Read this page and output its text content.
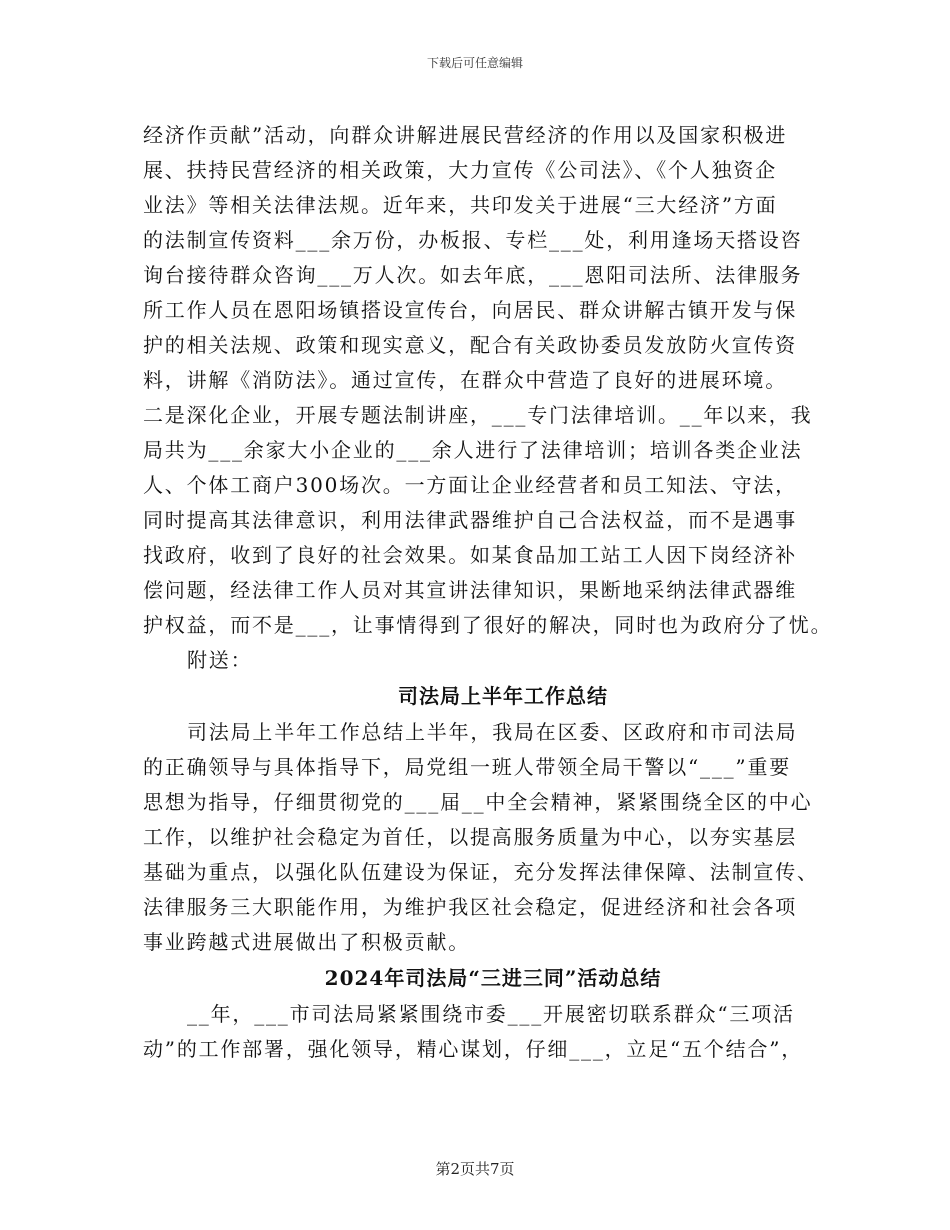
下载后可任意编辑
经济作贡献”活动，向群众讲解进展民营经济的作用以及国家积极进
展、扶持民营经济的相关政策，大力宣传《公司法》、《个人独资企
业法》等相关法律法规。近年来，共印发关于进展“三大经济”方面
的法制宣传资料___余万份，办板报、专栏___处，利用逢场天搭设咨
询台接待群众咨询___万人次。如去年底，___恩阳司法所、法律服务
所工作人员在恩阳场镇搭设宣传台，向居民、群众讲解古镇开发与保
护的相关法规、政策和现实意义，配合有关政协委员发放防火宣传资
料，讲解《消防法》。通过宣传，在群众中营造了良好的进展环境。
二是深化企业，开展专题法制讲座，___专门法律培训。__年以来，我
局共为___余家大小企业的___余人进行了法律培训；培训各类企业法
人、个体工商户300场次。一方面让企业经营者和员工知法、守法，
同时提高其法律意识，利用法律武器维护自己合法权益，而不是遇事
找政府，收到了良好的社会效果。如某食品加工站工人因下岗经济补
偿问题，经法律工作人员对其宣讲法律知识，果断地采纳法律武器维
护权益，而不是___，让事情得到了很好的解决，同时也为政府分了忧。
附送：
司法局上半年工作总结
司法局上半年工作总结上半年，我局在区委、区政府和市司法局
的正确领导与具体指导下，局党组一班人带领全局干警以“___”重要
思想为指导，仔细贯彻党的___届__中全会精神，紧紧围绕全区的中心
工作，以维护社会稳定为首任，以提高服务质量为中心，以夯实基层
基础为重点，以强化队伍建设为保证，充分发挥法律保障、法制宣传、
法律服务三大职能作用，为维护我区社会稳定，促进经济和社会各项
事业跨越式进展做出了积极贡献。
2024年司法局“三进三同”活动总结
__年，___市司法局紧紧围绕市委___开展密切联系群众“三项活
动”的工作部署，强化领导，精心谋划，仔细___，立足“五个结合”，
第2页共7页
